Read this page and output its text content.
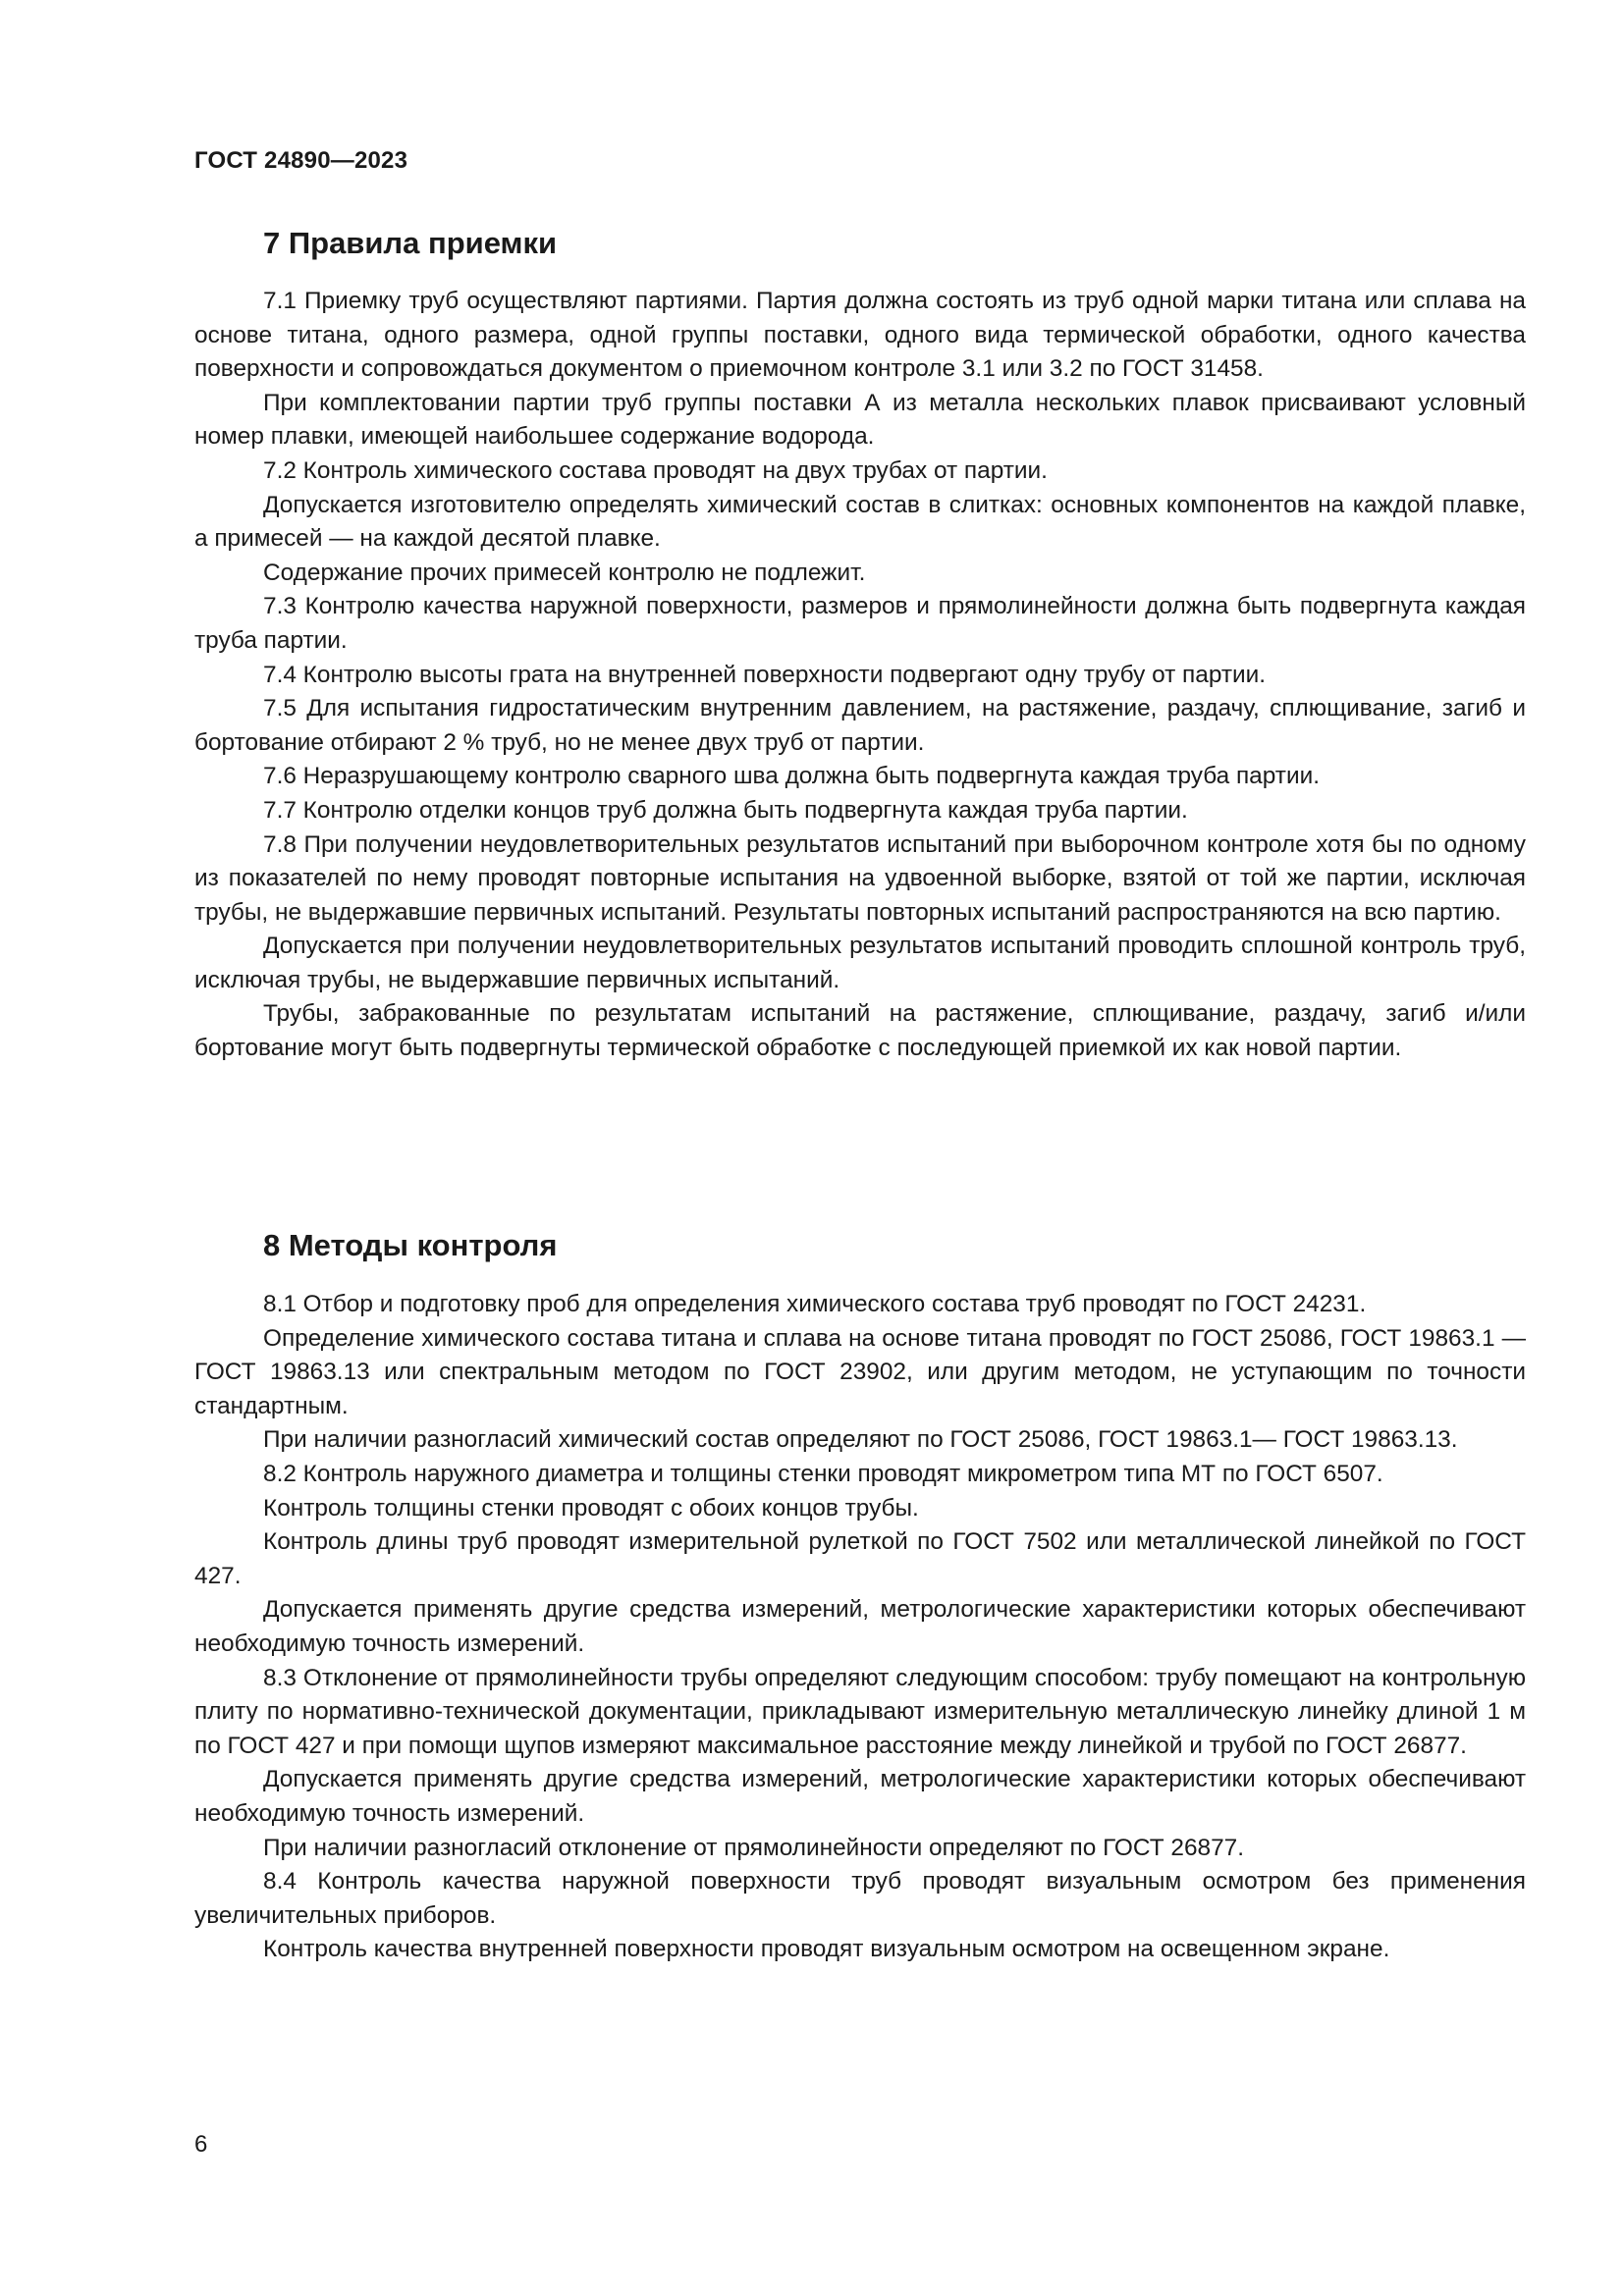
ГОСТ 24890—2023
7 Правила приемки

7.1 Приемку труб осуществляют партиями. Партия должна состоять из труб одной марки титана или сплава на основе титана, одного размера, одной группы поставки, одного вида термической обработки, одного качества поверхности и сопровождаться документом о приемочном контроле 3.1 или 3.2 по ГОСТ 31458.

При комплектовании партии труб группы поставки А из металла нескольких плавок присваивают условный номер плавки, имеющей наибольшее содержание водорода.

7.2 Контроль химического состава проводят на двух трубах от партии.

Допускается изготовителю определять химический состав в слитках: основных компонентов на каждой плавке, а примесей — на каждой десятой плавке.

Содержание прочих примесей контролю не подлежит.

7.3 Контролю качества наружной поверхности, размеров и прямолинейности должна быть подвергнута каждая труба партии.

7.4 Контролю высоты грата на внутренней поверхности подвергают одну трубу от партии.

7.5 Для испытания гидростатическим внутренним давлением, на растяжение, раздачу, сплющивание, загиб и бортование отбирают 2 % труб, но не менее двух труб от партии.

7.6 Неразрушающему контролю сварного шва должна быть подвергнута каждая труба партии.

7.7 Контролю отделки концов труб должна быть подвергнута каждая труба партии.

7.8 При получении неудовлетворительных результатов испытаний при выборочном контроле хотя бы по одному из показателей по нему проводят повторные испытания на удвоенной выборке, взятой от той же партии, исключая трубы, не выдержавшие первичных испытаний. Результаты повторных испытаний распространяются на всю партию.

Допускается при получении неудовлетворительных результатов испытаний проводить сплошной контроль труб, исключая трубы, не выдержавшие первичных испытаний.

Трубы, забракованные по результатам испытаний на растяжение, сплющивание, раздачу, загиб и/или бортование могут быть подвергнуты термической обработке с последующей приемкой их как новой партии.

8 Методы контроля

8.1 Отбор и подготовку проб для определения химического состава труб проводят по ГОСТ 24231.

Определение химического состава титана и сплава на основе титана проводят по ГОСТ 25086, ГОСТ 19863.1 — ГОСТ 19863.13 или спектральным методом по ГОСТ 23902, или другим методом, не уступающим по точности стандартным.

При наличии разногласий химический состав определяют по ГОСТ 25086, ГОСТ 19863.1— ГОСТ 19863.13.

8.2 Контроль наружного диаметра и толщины стенки проводят микрометром типа МТ по ГОСТ 6507.

Контроль толщины стенки проводят с обоих концов трубы.

Контроль длины труб проводят измерительной рулеткой по ГОСТ 7502 или металлической линейкой по ГОСТ 427.

Допускается применять другие средства измерений, метрологические характеристики которых обеспечивают необходимую точность измерений.

8.3 Отклонение от прямолинейности трубы определяют следующим способом: трубу помещают на контрольную плиту по нормативно-технической документации, прикладывают измерительную металлическую линейку длиной 1 м по ГОСТ 427 и при помощи щупов измеряют максимальное расстояние между линейкой и трубой по ГОСТ 26877.

Допускается применять другие средства измерений, метрологические характеристики которых обеспечивают необходимую точность измерений.

При наличии разногласий отклонение от прямолинейности определяют по ГОСТ 26877.

8.4 Контроль качества наружной поверхности труб проводят визуальным осмотром без применения увеличительных приборов.

Контроль качества внутренней поверхности проводят визуальным осмотром на освещенном экране.

6
